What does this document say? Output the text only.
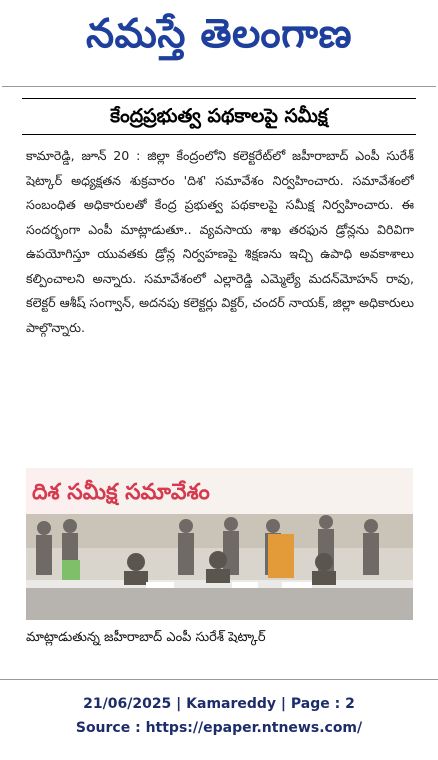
నమస్తే తెలంగాణ
కేంద్రప్రభుత్వ పథకాలపై సమీక్ష
కామారెడ్డి, జూన్ 20 : జిల్లా కేంద్రంలోని కలెక్టరేట్‌లో జహీరాబాద్ ఎంపీ సురేశ్ షెట్కార్ అధ్యక్షతన శుక్రవారం 'దిశ' సమావేశం నిర్వహించారు. సమావేశంలో సంబంధిత అధికారులతో కేంద్ర ప్రభుత్వ పథకాలపై సమీక్ష నిర్వహించారు. ఈ సందర్భంగా ఎంపీ మాట్లాడుతూ.. వ్యవసాయ శాఖ తరఫున డ్రోన్లను విరివిగా ఉపయోగిస్తూ యువతకు డ్రోన్ల నిర్వహణపై శిక్షణను ఇచ్చి ఉపాధి అవకాశాలు కల్పించాలని అన్నారు. సమావేశంలో ఎల్లారెడ్డి ఎమ్మెల్యే మదన్‌మోహన్ రావు, కలెక్టర్ ఆశీష్ సంగ్వాన్, అదనపు కలెక్టర్లు విక్టర్, చందర్ నాయక్, జిల్లా అధికారులు పాల్గొన్నారు.
దిశ సమీక్ష సమావేశం
మాట్లాడుతున్న జహీరాబాద్ ఎంపీ సురేశ్ షెట్కార్
21/06/2025 | Kamareddy | Page : 2
Source : https://epaper.ntnews.com/
